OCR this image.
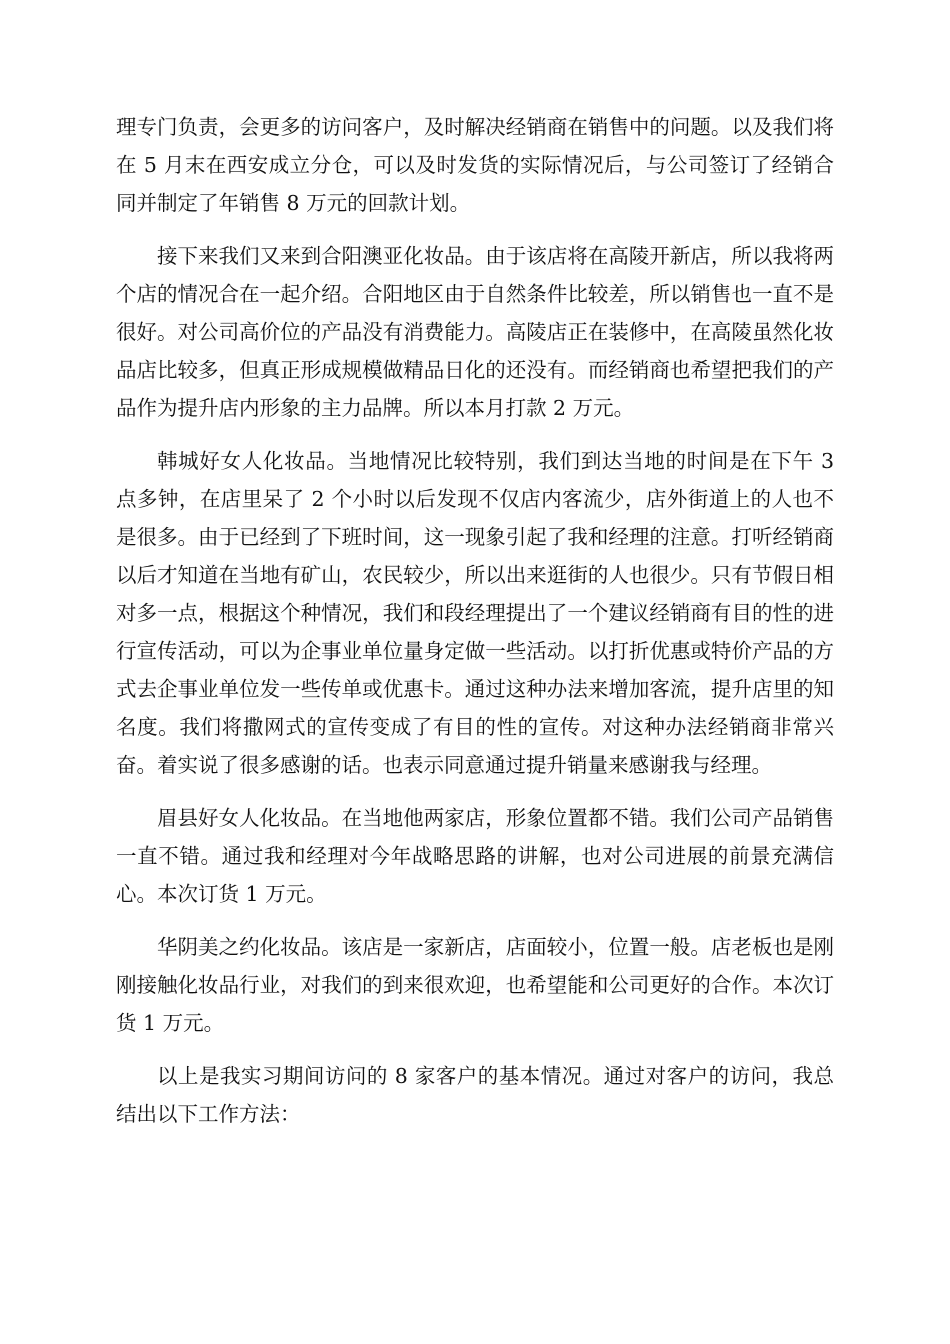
理专门负责，会更多的访问客户，及时解决经销商在销售中的问题。以及我们将在 5 月末在西安成立分仓，可以及时发货的实际情况后，与公司签订了经销合同并制定了年销售 8 万元的回款计划。

接下来我们又来到合阳澳亚化妆品。由于该店将在高陵开新店，所以我将两个店的情况合在一起介绍。合阳地区由于自然条件比较差，所以销售也一直不是很好。对公司高价位的产品没有消费能力。高陵店正在装修中，在高陵虽然化妆品店比较多，但真正形成规模做精品日化的还没有。而经销商也希望把我们的产品作为提升店内形象的主力品牌。所以本月打款 2 万元。

韩城好女人化妆品。当地情况比较特别，我们到达当地的时间是在下午 3 点多钟，在店里呆了 2 个小时以后发现不仅店内客流少，店外街道上的人也不是很多。由于已经到了下班时间，这一现象引起了我和经理的注意。打听经销商以后才知道在当地有矿山，农民较少，所以出来逛街的人也很少。只有节假日相对多一点，根据这个种情况，我们和段经理提出了一个建议经销商有目的性的进行宣传活动，可以为企事业单位量身定做一些活动。以打折优惠或特价产品的方式去企事业单位发一些传单或优惠卡。通过这种办法来增加客流，提升店里的知名度。我们将撒网式的宣传变成了有目的性的宣传。对这种办法经销商非常兴奋。着实说了很多感谢的话。也表示同意通过提升销量来感谢我与经理。

眉县好女人化妆品。在当地他两家店，形象位置都不错。我们公司产品销售一直不错。通过我和经理对今年战略思路的讲解，也对公司进展的前景充满信心。本次订货 1 万元。

华阴美之约化妆品。该店是一家新店，店面较小，位置一般。店老板也是刚刚接触化妆品行业，对我们的到来很欢迎，也希望能和公司更好的合作。本次订货 1 万元。

以上是我实习期间访问的 8 家客户的基本情况。通过对客户的访问，我总结出以下工作方法：
